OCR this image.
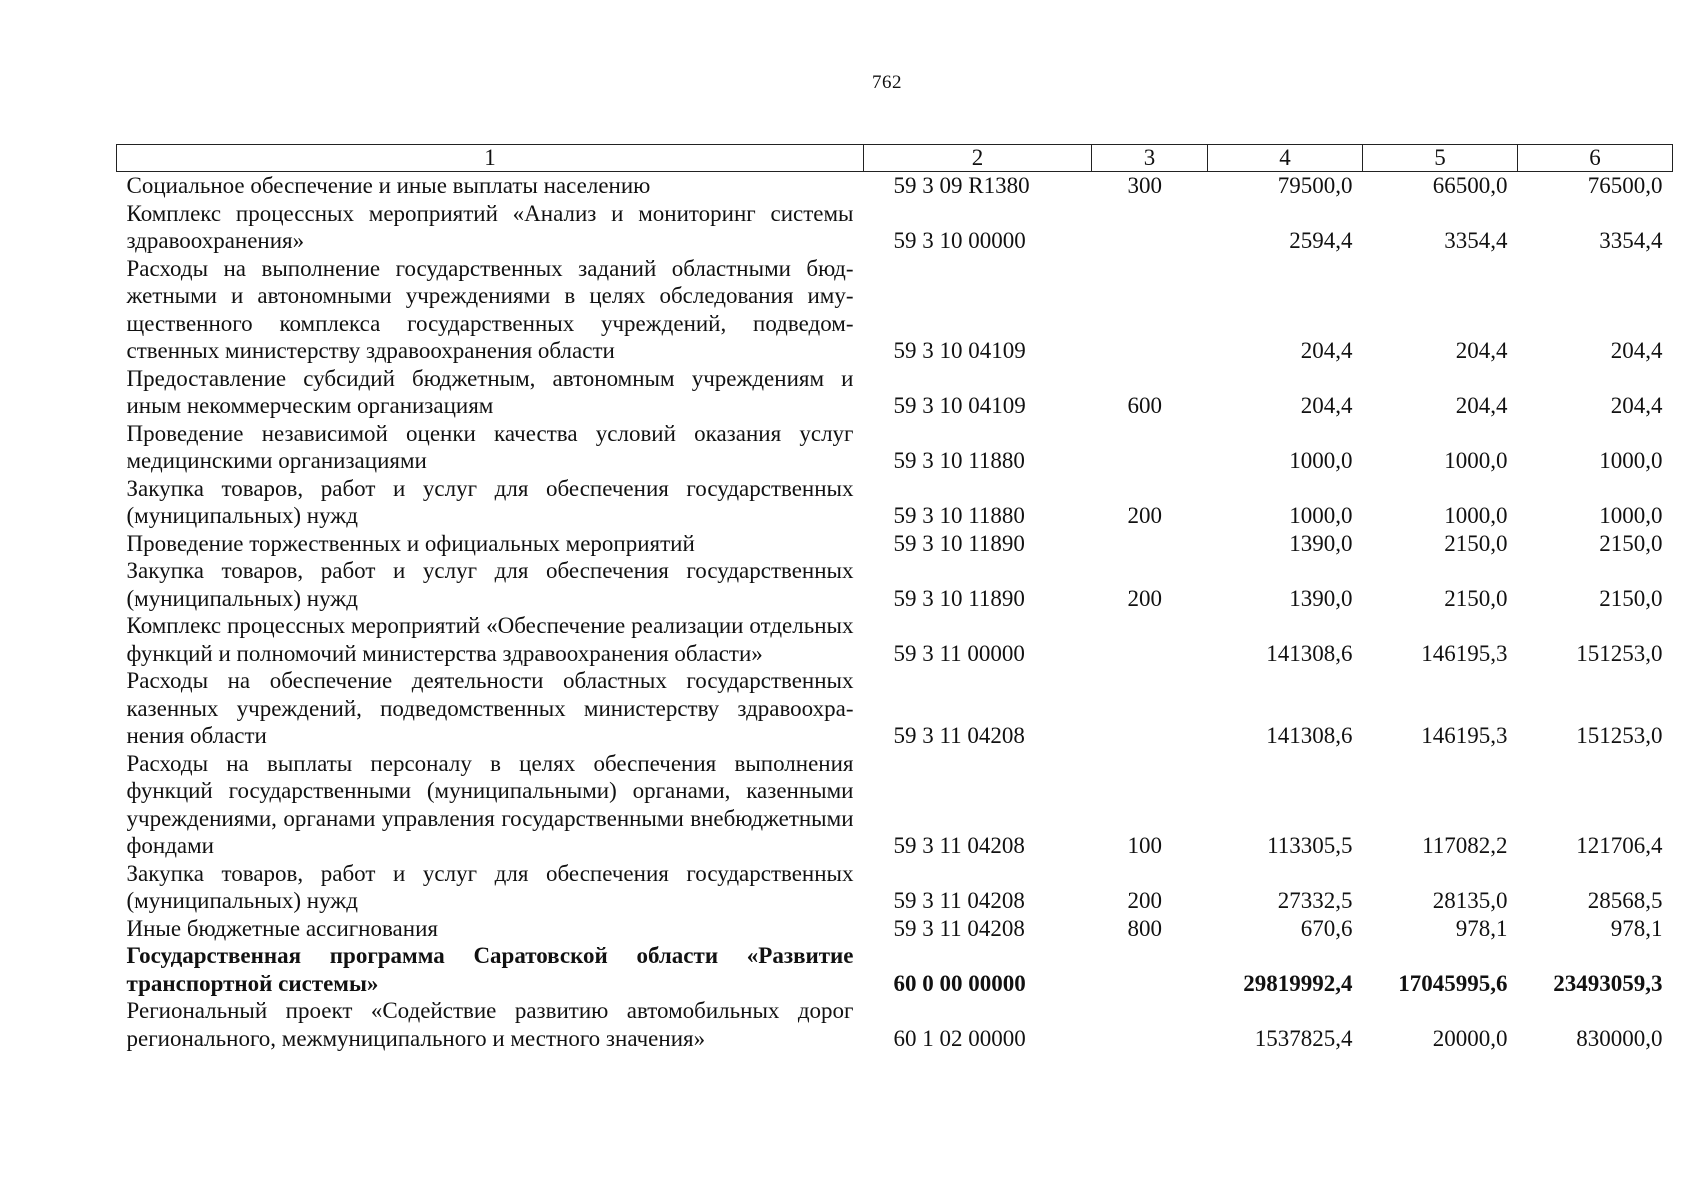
762
1	2	3	4	5	6
Социальное обеспечение и иные выплаты населению	59 3 09 R1380	300	79500,0	66500,0	76500,0
Комплекс процессных мероприятий «Анализ и мониторинг системы здравоохранения»	59 3 10 00000		2594,4	3354,4	3354,4
Расходы на выполнение государственных заданий областными бюджетными и автономными учреждениями в целях обследования имущественного комплекса государственных учреждений, подведомственных министерству здравоохранения области	59 3 10 04109		204,4	204,4	204,4
Предоставление субсидий бюджетным, автономным учреждениям и иным некоммерческим организациям	59 3 10 04109	600	204,4	204,4	204,4
Проведение независимой оценки качества условий оказания услуг медицинскими организациями	59 3 10 11880		1000,0	1000,0	1000,0
Закупка товаров, работ и услуг для обеспечения государственных (муниципальных) нужд	59 3 10 11880	200	1000,0	1000,0	1000,0
Проведение торжественных и официальных мероприятий	59 3 10 11890		1390,0	2150,0	2150,0
Закупка товаров, работ и услуг для обеспечения государственных (муниципальных) нужд	59 3 10 11890	200	1390,0	2150,0	2150,0
Комплекс процессных мероприятий «Обеспечение реализации отдельных функций и полномочий министерства здравоохранения области»	59 3 11 00000		141308,6	146195,3	151253,0
Расходы на обеспечение деятельности областных государственных казенных учреждений, подведомственных министерству здравоохранения области	59 3 11 04208		141308,6	146195,3	151253,0
Расходы на выплаты персоналу в целях обеспечения выполнения функций государственными (муниципальными) органами, казенными учреждениями, органами управления государственными внебюджетными фондами	59 3 11 04208	100	113305,5	117082,2	121706,4
Закупка товаров, работ и услуг для обеспечения государственных (муниципальных) нужд	59 3 11 04208	200	27332,5	28135,0	28568,5
Иные бюджетные ассигнования	59 3 11 04208	800	670,6	978,1	978,1
Государственная программа Саратовской области «Развитие транспортной системы»	60 0 00 00000		29819992,4	17045995,6	23493059,3
Региональный проект «Содействие развитию автомобильных дорог регионального, межмуниципального и местного значения»	60 1 02 00000		1537825,4	20000,0	830000,0
